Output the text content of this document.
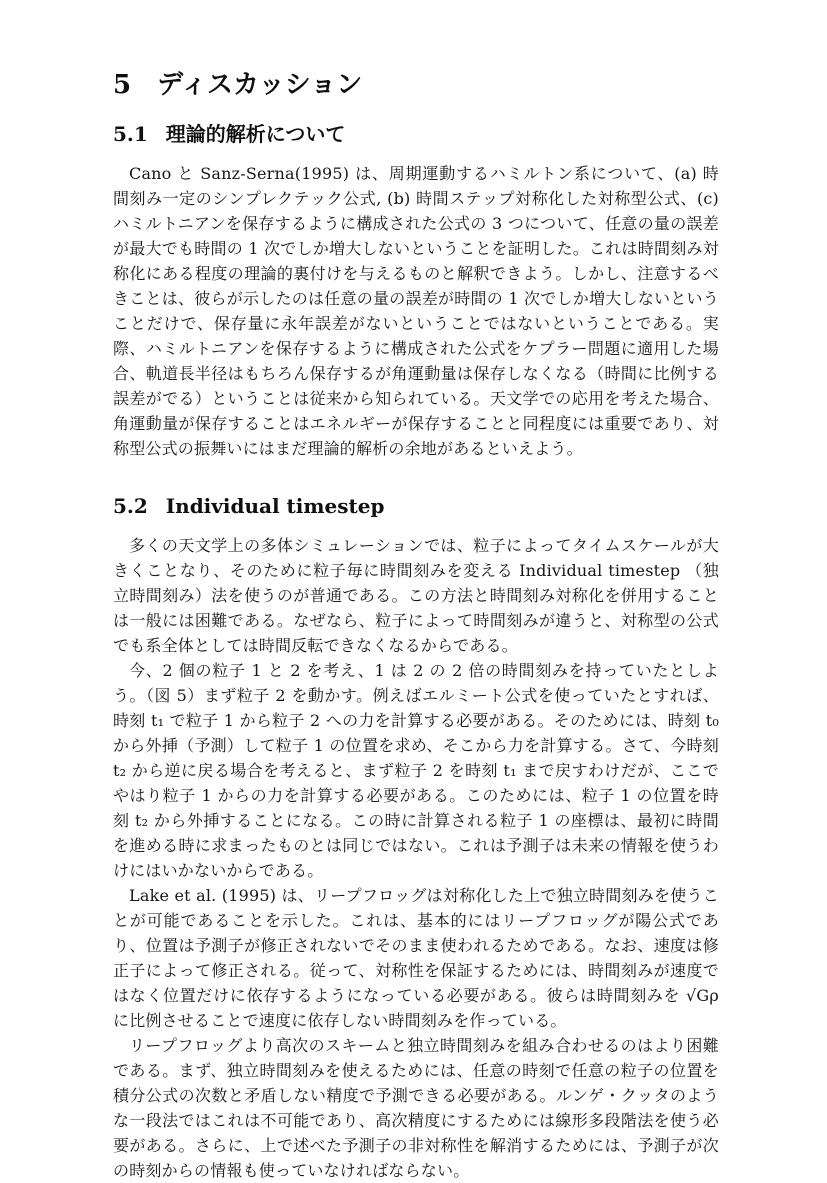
5 ディスカッション
5.1 理論的解析について

Cano と Sanz-Serna(1995) は、周期運動するハミルトン系について、(a) 時間刻み一定のシンプレクテック公式, (b) 時間ステップ対称化した対称型公式、(c) ハミルトニアンを保存するように構成された公式の 3 つについて、任意の量の誤差が最大でも時間の 1 次でしか増大しないということを証明した。これは時間刻み対称化にある程度の理論的裏付けを与えるものと解釈できよう。しかし、注意するべきことは、彼らが示したのは任意の量の誤差が時間の 1 次でしか増大しないということだけで、保存量に永年誤差がないということではないということである。実際、ハミルトニアンを保存するように構成された公式をケプラー問題に適用した場合、軌道長半径はもちろん保存するが角運動量は保存しなくなる（時間に比例する誤差がでる）ということは従来から知られている。天文学での応用を考えた場合、角運動量が保存することはエネルギーが保存することと同程度には重要であり、対称型公式の振舞いにはまだ理論的解析の余地があるといえよう。

5.2 Individual timestep

多くの天文学上の多体シミュレーションでは、粒子によってタイムスケールが大きくことなり、そのために粒子毎に時間刻みを変える Individual timestep （独立時間刻み）法を使うのが普通である。この方法と時間刻み対称化を併用することは一般には困難である。なぜなら、粒子によって時間刻みが違うと、対称型の公式でも系全体としては時間反転できなくなるからである。

今、2 個の粒子 1 と 2 を考え、1 は 2 の 2 倍の時間刻みを持っていたとしよう。（図 5）まず粒子 2 を動かす。例えばエルミート公式を使っていたとすれば、時刻 t₁ で粒子 1 から粒子 2 への力を計算する必要がある。そのためには、時刻 t₀ から外挿（予測）して粒子 1 の位置を求め、そこから力を計算する。さて、今時刻 t₂ から逆に戻る場合を考えると、まず粒子 2 を時刻 t₁ まで戻すわけだが、ここでやはり粒子 1 からの力を計算する必要がある。このためには、粒子 1 の位置を時刻 t₂ から外挿することになる。この時に計算される粒子 1 の座標は、最初に時間を進める時に求まったものとは同じではない。これは予測子は未来の情報を使うわけにはいかないからである。

Lake et al. (1995) は、リープフロッグは対称化した上で独立時間刻みを使うことが可能であることを示した。これは、基本的にはリープフロッグが陽公式であり、位置は予測子が修正されないでそのまま使われるためである。なお、速度は修正子によって修正される。従って、対称性を保証するためには、時間刻みが速度ではなく位置だけに依存するようになっている必要がある。彼らは時間刻みを √Gρ に比例させることで速度に依存しない時間刻みを作っている。

リープフロッグより高次のスキームと独立時間刻みを組み合わせるのはより困難である。まず、独立時間刻みを使えるためには、任意の時刻で任意の粒子の位置を積分公式の次数と矛盾しない精度で予測できる必要がある。ルンゲ・クッタのような一段法ではこれは不可能であり、高次精度にするためには線形多段階法を使う必要がある。さらに、上で述べた予測子の非対称性を解消するためには、予測子が次の時刻からの情報も使っていなければならない。
